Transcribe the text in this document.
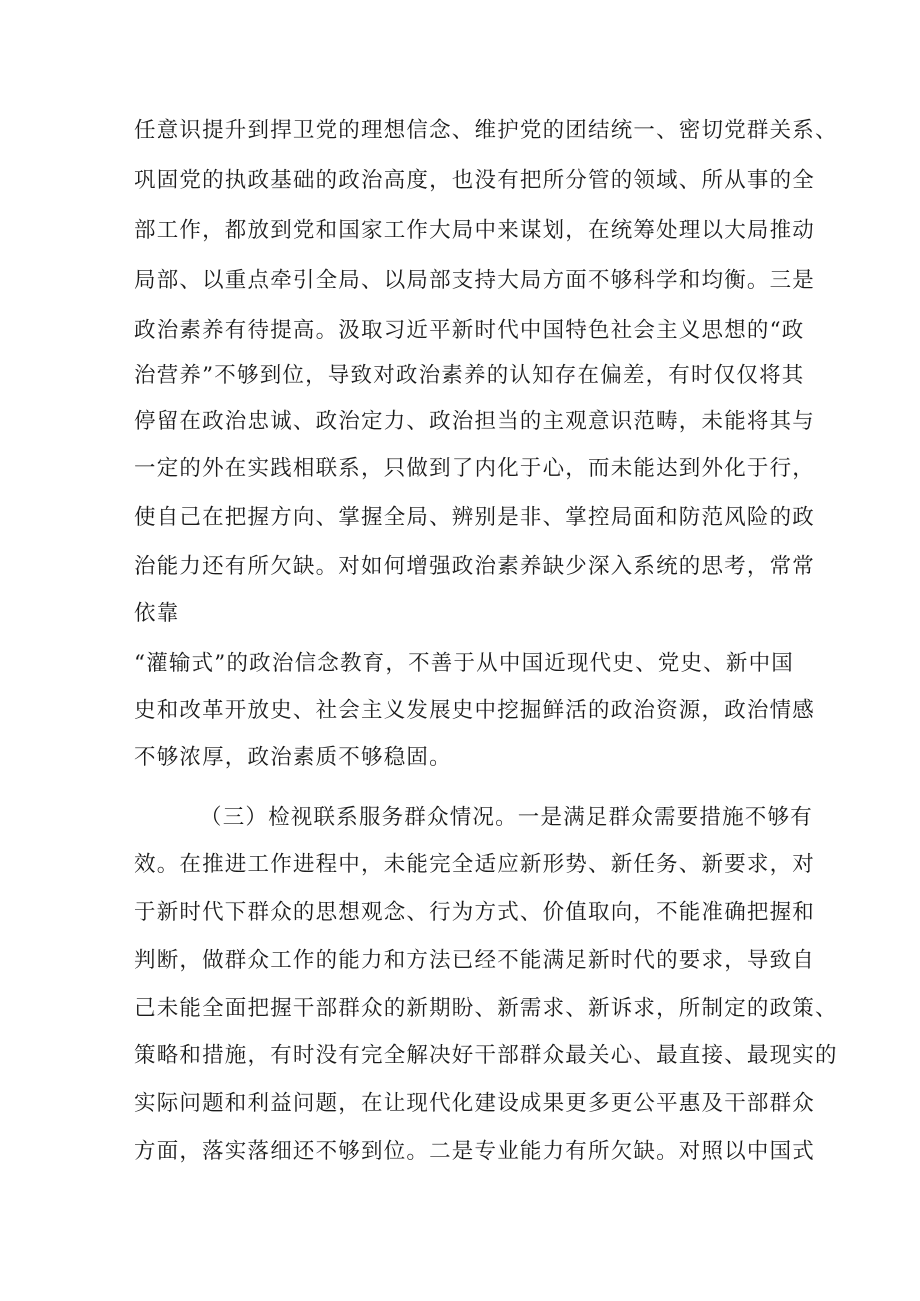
任意识提升到捍卫党的理想信念、维护党的团结统一、密切党群关系、
巩固党的执政基础的政治高度，也没有把所分管的领域、所从事的全
部工作，都放到党和国家工作大局中来谋划，在统筹处理以大局推动
局部、以重点牵引全局、以局部支持大局方面不够科学和均衡。三是
政治素养有待提高。汲取习近平新时代中国特色社会主义思想的“政
治营养”不够到位，导致对政治素养的认知存在偏差，有时仅仅将其
停留在政治忠诚、政治定力、政治担当的主观意识范畴，未能将其与
一定的外在实践相联系，只做到了内化于心，而未能达到外化于行，
使自己在把握方向、掌握全局、辨别是非、掌控局面和防范风险的政
治能力还有所欠缺。对如何增强政治素养缺少深入系统的思考，常常
依靠
“灌输式”的政治信念教育，不善于从中国近现代史、党史、新中国
史和改革开放史、社会主义发展史中挖掘鲜活的政治资源，政治情感
不够浓厚，政治素质不够稳固。
（三）检视联系服务群众情况。一是满足群众需要措施不够有
效。在推进工作进程中，未能完全适应新形势、新任务、新要求，对
于新时代下群众的思想观念、行为方式、价值取向，不能准确把握和
判断，做群众工作的能力和方法已经不能满足新时代的要求，导致自
己未能全面把握干部群众的新期盼、新需求、新诉求，所制定的政策、
策略和措施，有时没有完全解决好干部群众最关心、最直接、最现实的
实际问题和利益问题，在让现代化建设成果更多更公平惠及干部群众
方面，落实落细还不够到位。二是专业能力有所欠缺。对照以中国式
